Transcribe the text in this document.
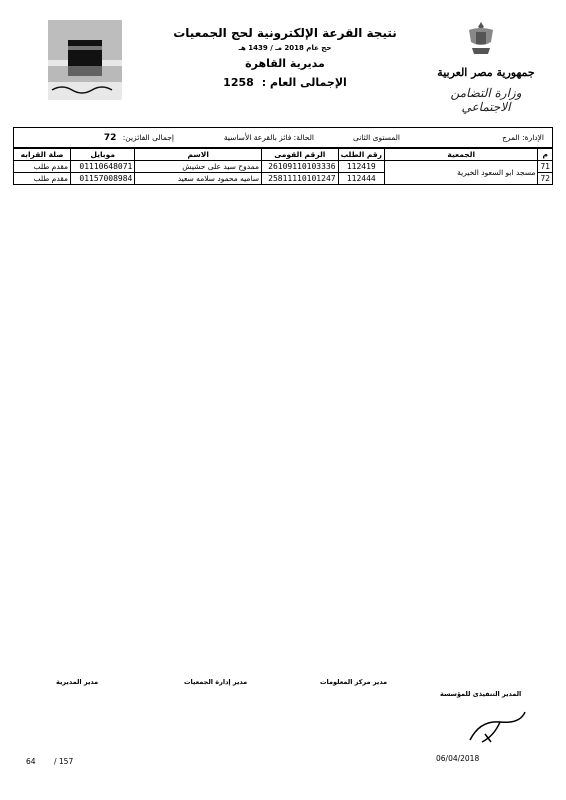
نتيجة القرعة الإلكترونية لحج الجمعيات
حج عام 2018 مـ / 1439 هـ
مديرية القاهرة
الإجمالى العام :1258
جمهورية مصر العربية
وزارة التضامن الاجتماعي
الإدارة: المرج
المستوى الثانى
الحالة: فائز بالقرعة الأساسية
إجمالى الفائزين: 72
م	الجمعية	رقم الطلب	الرقم القومى	الاسم	موبايل	صلة القرابه
71	مسجد ابو السعود الخيرية	112419	26109110103336	ممدوح سيد على حشيش	01110648071	مقدم طلب
72		112444	25811110101247	ساميه محمود سلامه سعيد	01157008984	مقدم طلب
مدير المديرية	مدير إدارة الجمعيات	مدير مركز المعلومات
المدير التنفيذى للمؤسسة
06/04/2018
64 / 157
